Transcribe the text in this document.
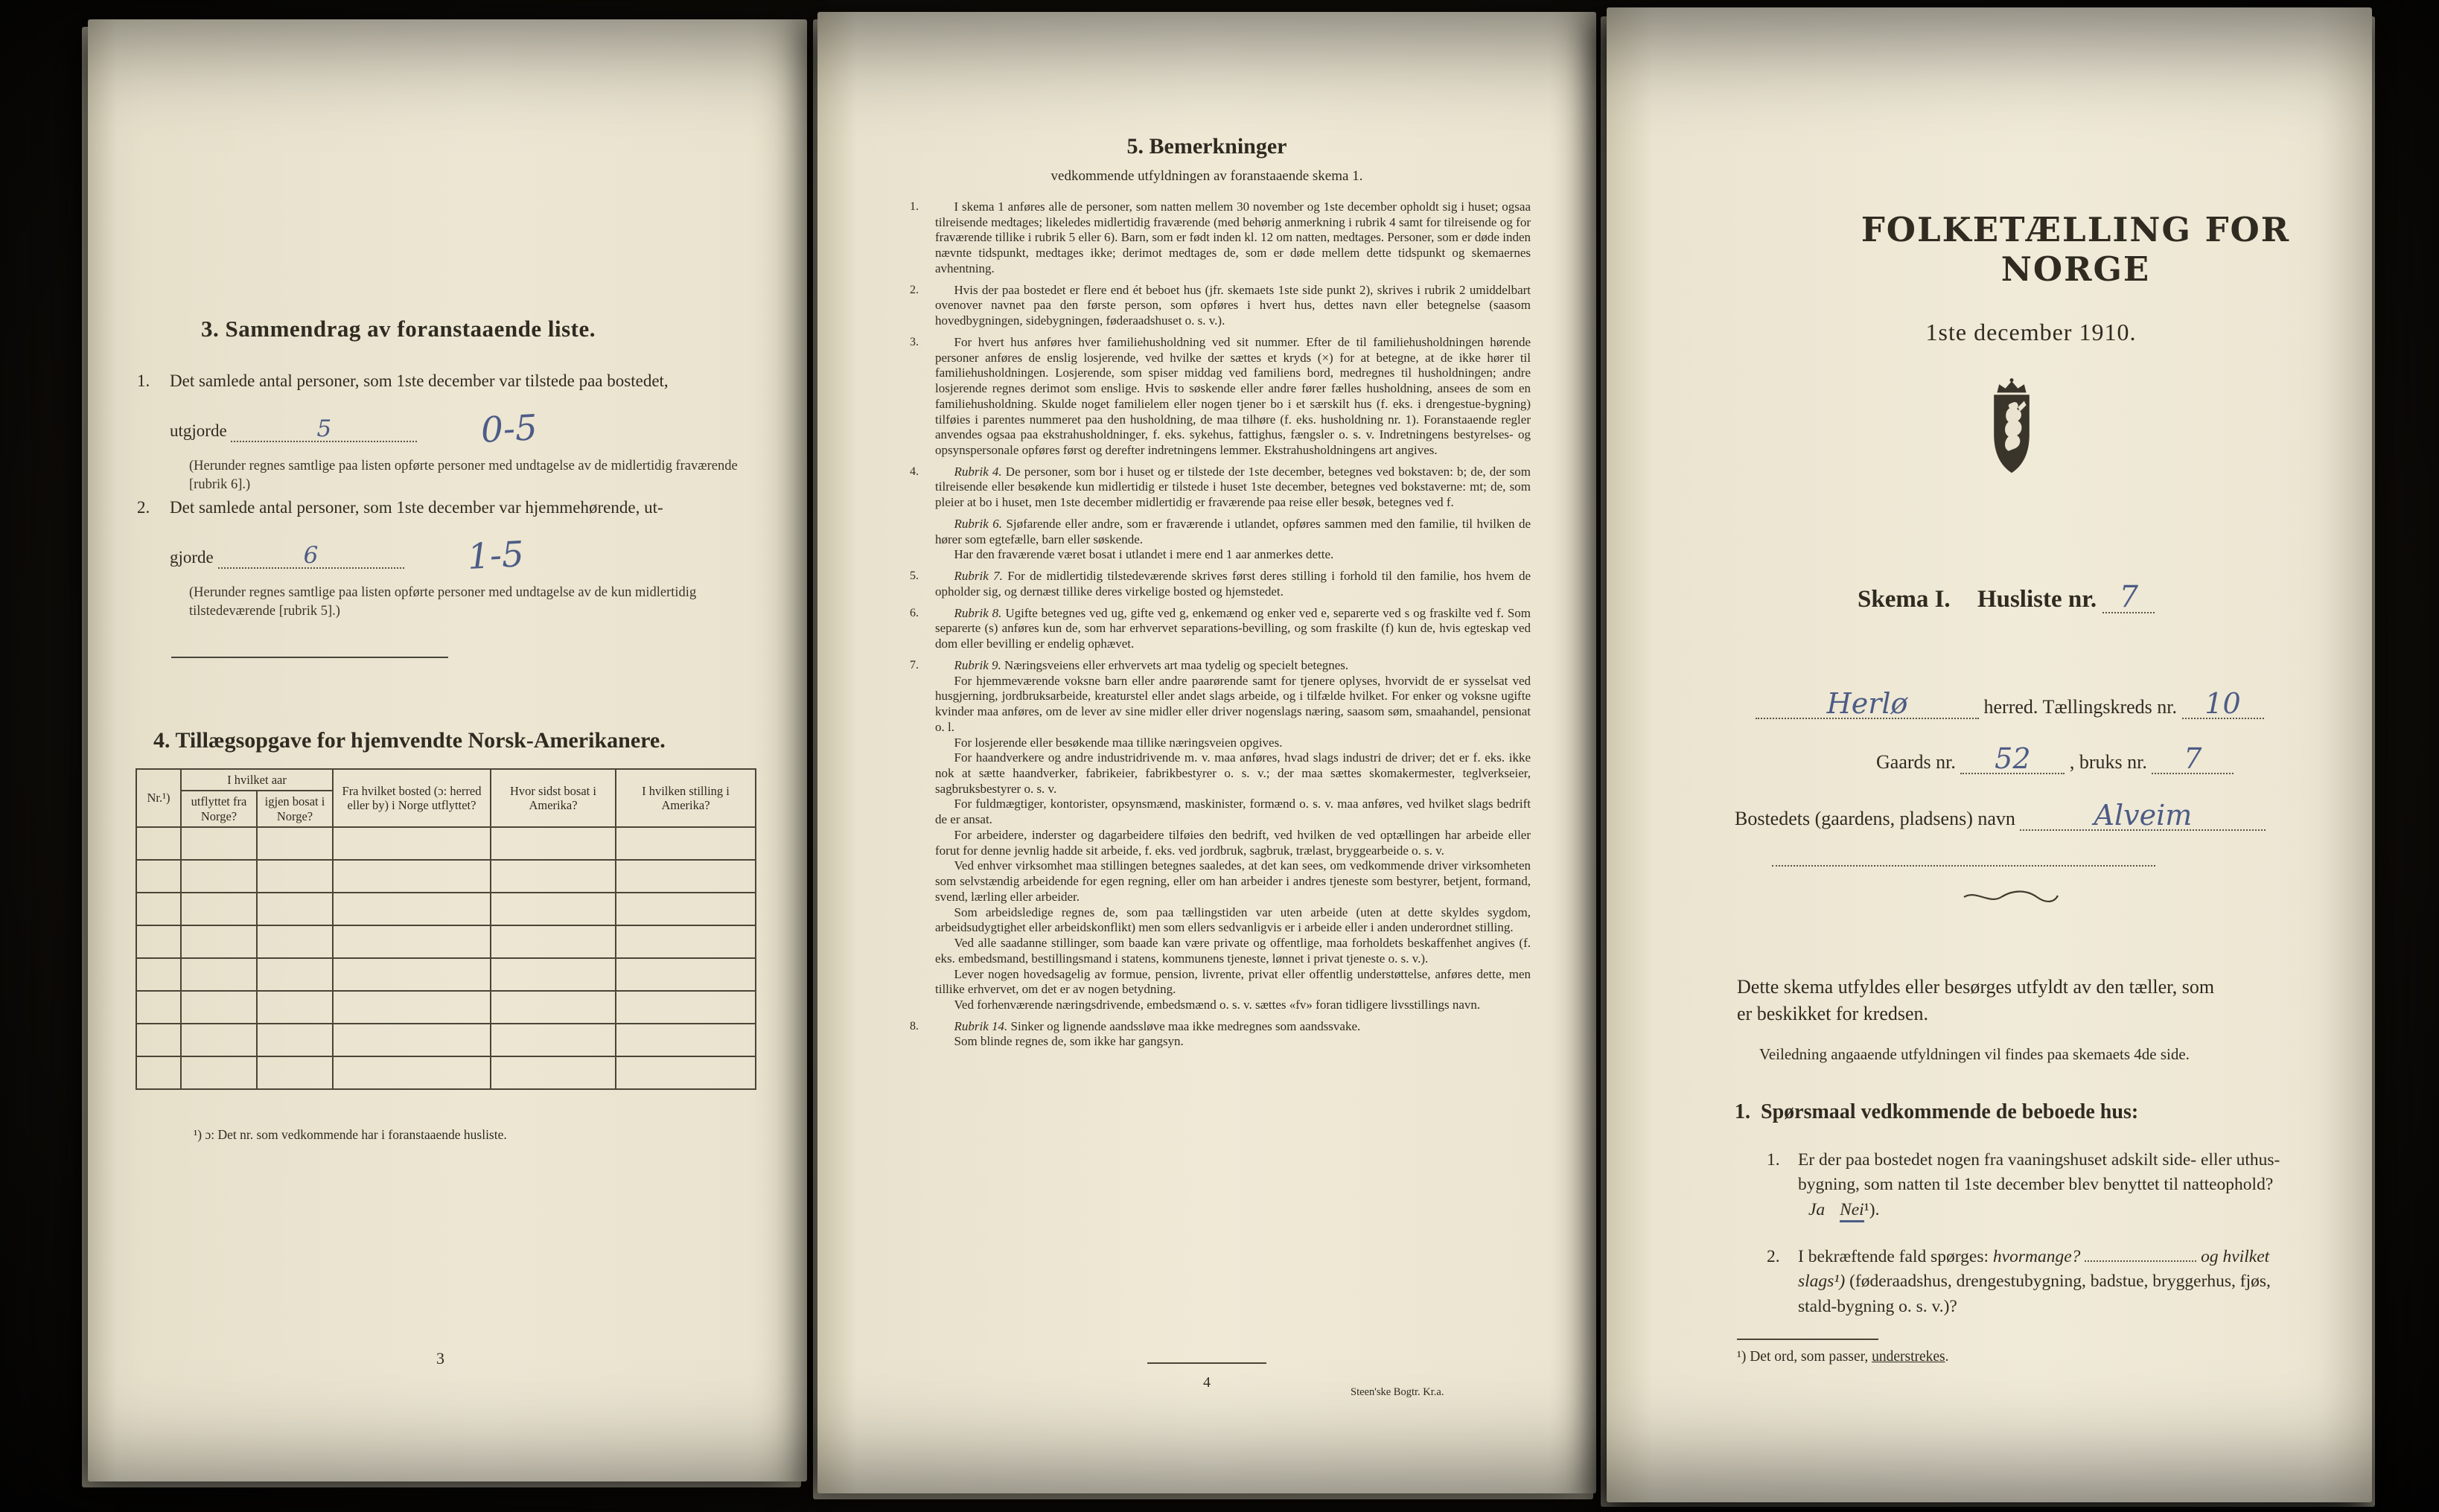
3. Sammendrag av foranstaaende liste.
1. Det samlede antal personer, som 1ste december var tilstede paa bostedet,
utgjorde	5	0-5
(Herunder regnes samtlige paa listen opførte personer med undtagelse av de midlertidig fraværende [rubrik 6].)
2. Det samlede antal personer, som 1ste december var hjemmehørende, ut-
gjorde	6	1-5
(Herunder regnes samtlige paa listen opførte personer med undtagelse av de kun midlertidig tilstedeværende [rubrik 5].)
4. Tillægsopgave for hjemvendte Norsk-Amerikanere.
Nr.¹)	I hvilket aar		Fra hvilket bosted (ɔ: herred eller by) i Norge utflyttet?	Hvor sidst bosat i Amerika?	I hvilken stilling i Amerika?
	utflyttet fra Norge?	igjen bosat i Norge?			

¹) ɔ: Det nr. som vedkommende har i foranstaaende husliste.
3
5. Bemerkninger
vedkommende utfyldningen av foranstaaende skema 1.
1.	I skema 1 anføres alle de personer, som natten mellem 30 november og 1ste december opholdt sig i huset; ogsaa tilreisende medtages; likeledes midlertidig fraværende (med behørig anmerkning i rubrik 4 samt for tilreisende og for fraværende tillike i rubrik 5 eller 6). Barn, som er født inden kl. 12 om natten, medtages. Personer, som er døde inden nævnte tidspunkt, medtages ikke; derimot medtages de, som er døde mellem dette tidspunkt og skemaernes avhentning.

2.	Hvis der paa bostedet er flere end ét beboet hus (jfr. skemaets 1ste side punkt 2), skrives i rubrik 2 umiddelbart ovenover navnet paa den første person, som opføres i hvert hus, dettes navn eller betegnelse (saasom hovedbygningen, sidebygningen, føderaadshuset o. s. v.).

3.	For hvert hus anføres hver familiehusholdning ved sit nummer. Efter de til familiehusholdningen hørende personer anføres de enslig losjerende, ved hvilke der sættes et kryds (×) for at betegne, at de ikke hører til familiehusholdningen. Losjerende, som spiser middag ved familiens bord, medregnes til husholdningen; andre losjerende regnes derimot som enslige. Hvis to søskende eller andre fører fælles husholdning, ansees de som en familiehusholdning. Skulde noget familielem eller nogen tjener bo i et særskilt hus (f. eks. i drengestue-bygning) tilføies i parentes nummeret paa den husholdning, de maa tilhøre (f. eks. husholdning nr. 1). Foranstaaende regler anvendes ogsaa paa ekstrahusholdninger, f. eks. sykehus, fattighus, fængsler o. s. v. Indretningens bestyrelses- og opsynspersonale opføres først og derefter indretningens lemmer. Ekstrahusholdningens art angives.

4.	Rubrik 4. De personer, som bor i huset og er tilstede der 1ste december, betegnes ved bokstaven: b; de, der som tilreisende eller besøkende kun midlertidig er tilstede i huset 1ste december, betegnes ved bokstaverne: mt; de, som pleier at bo i huset, men 1ste december midlertidig er fraværende paa reise eller besøk, betegnes ved f.

Rubrik 6. Sjøfarende eller andre, som er fraværende i utlandet, opføres sammen med den familie, til hvilken de hører som egtefælle, barn eller søskende.

Har den fraværende været bosat i utlandet i mere end 1 aar anmerkes dette.

5.	Rubrik 7. For de midlertidig tilstedeværende skrives først deres stilling i forhold til den familie, hos hvem de opholder sig, og dernæst tillike deres virkelige bosted og hjemstedet.

6.	Rubrik 8. Ugifte betegnes ved ug, gifte ved g, enkemænd og enker ved e, separerte ved s og fraskilte ved f. Som separerte (s) anføres kun de, som har erhvervet separations-bevilling, og som fraskilte (f) kun de, hvis egteskap ved dom eller bevilling er endelig ophævet.

7.	Rubrik 9. Næringsveiens eller erhvervets art maa tydelig og specielt betegnes.

For hjemmeværende voksne barn eller andre paarørende samt for tjenere oplyses, hvorvidt de er sysselsat ved husgjerning, jordbruksarbeide, kreaturstel eller andet slags arbeide, og i tilfælde hvilket. For enker og voksne ugifte kvinder maa anføres, om de lever av sine midler eller driver nogenslags næring, saasom søm, smaahandel, pensionat o. l.

For losjerende eller besøkende maa tillike næringsveien opgives.

For haandverkere og andre industridrivende m. v. maa anføres, hvad slags industri de driver; det er f. eks. ikke nok at sætte haandverker, fabrikeier, fabrikbestyrer o. s. v.; der maa sættes skomakermester, teglverkseier, sagbruksbestyrer o. s. v.

For fuldmægtiger, kontorister, opsynsmænd, maskinister, formænd o. s. v. maa anføres, ved hvilket slags bedrift de er ansat.

For arbeidere, inderster og dagarbeidere tilføies den bedrift, ved hvilken de ved optællingen har arbeide eller forut for denne jevnlig hadde sit arbeide, f. eks. ved jordbruk, sagbruk, trælast, bryggearbeide o. s. v.

Ved enhver virksomhet maa stillingen betegnes saaledes, at det kan sees, om vedkommende driver virksomheten som selvstændig arbeidende for egen regning, eller om han arbeider i andres tjeneste som bestyrer, betjent, formand, svend, lærling eller arbeider.

Som arbeidsledige regnes de, som paa tællingstiden var uten arbeide (uten at dette skyldes sygdom, arbeidsudygtighet eller arbeidskonflikt) men som ellers sedvanligvis er i arbeide eller i anden underordnet stilling.

Ved alle saadanne stillinger, som baade kan være private og offentlige, maa forholdets beskaffenhet angives (f. eks. embedsmand, bestillingsmand i statens, kommunens tjeneste, lønnet i privat tjeneste o. s. v.).

Lever nogen hovedsagelig av formue, pension, livrente, privat eller offentlig understøttelse, anføres dette, men tillike erhvervet, om det er av nogen betydning.

Ved forhenværende næringsdrivende, embedsmænd o. s. v. sættes «fv» foran tidligere livsstillings navn.

8.	Rubrik 14. Sinker og lignende aandssløve maa ikke medregnes som aandssvake.

Som blinde regnes de, som ikke har gangsyn.

4
Steen'ske Bogtr. Kr.a.
FOLKETÆLLING FOR NORGE
1ste december 1910.
Skema I. Husliste nr. 7
Herlø	herred. Tællingskreds nr. 10
Gaards nr. 52 , bruks nr. 7
Bostedets (gaardens, pladsens) navn	Alveim
Dette skema utfyldes eller besørges utfyldt av den tæller, som er beskikket for kredsen.
Veiledning angaaende utfyldningen vil findes paa skemaets 4de side.
1. Spørsmaal vedkommende de beboede hus:
1. Er der paa bostedet nogen fra vaaningshuset adskilt side- eller uthus-bygning, som natten til 1ste december blev benyttet til natteophold? Ja Nei¹).
2. I bekræftende fald spørges: hvormange?	og hvilket slags¹) (føderaadshus, drengestubygning, badstue, bryggerhus, fjøs, stald-bygning o. s. v.)?
¹) Det ord, som passer, understrekes.
